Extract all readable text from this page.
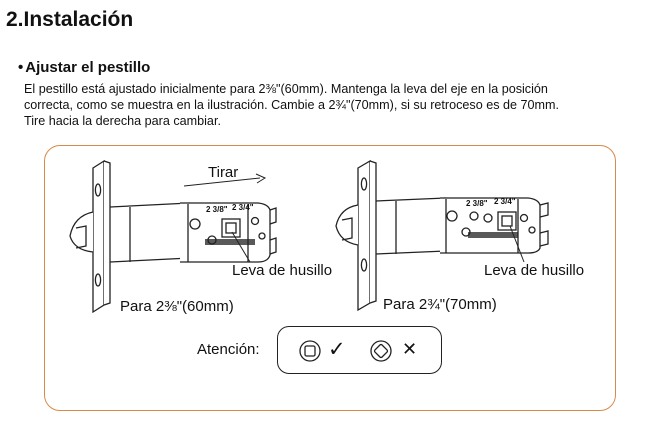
2.Instalación
• Ajustar el pestillo
El pestillo está ajustado inicialmente para 2⅜"(60mm). Mantenga la leva del eje en la posición
correcta, como se muestra en la ilustración. Cambie a 2¾"(70mm), si su retroceso es de 70mm.
Tire hacia la derecha para cambiar.
2 3/8" 2 3/4"	2 3/8" 2 3/4"
Tirar
Leva de husillo	Leva de husillo
Para 2⅜"(60mm)	Para 2¾"(70mm)
Atención:	✓	✕
